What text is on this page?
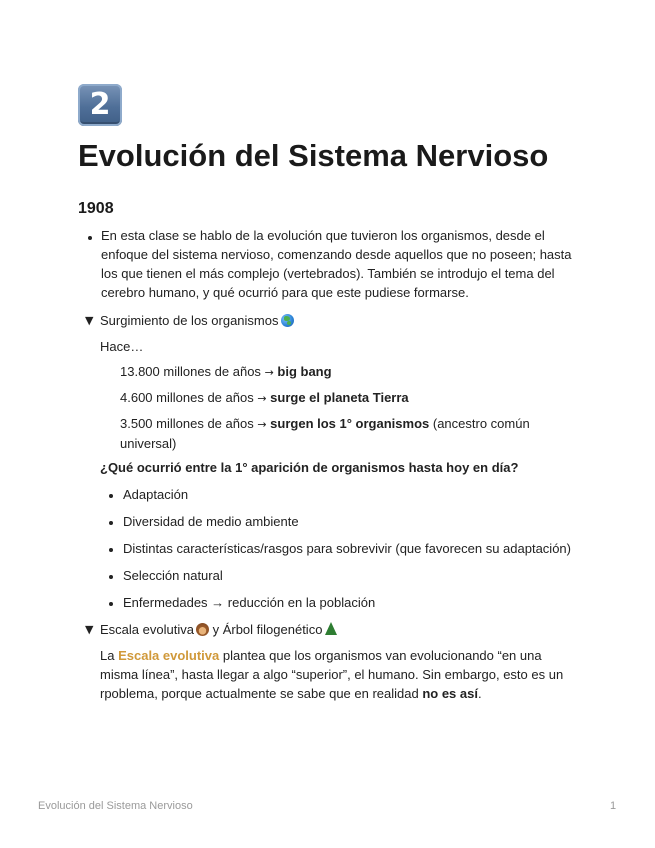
2
Evolución del Sistema Nervioso
1908
En esta clase se hablo de la evolución que tuvieron los organismos, desde el enfoque del sistema nervioso, comenzando desde aquellos que no poseen; hasta los que tienen el más complejo (vertebrados). También se introdujo el tema del cerebro humano, y qué ocurrió para que este pudiese formarse.
▼ Surgimiento de los organismos
Hace…
13.800 millones de años → big bang
4.600 millones de años → surge el planeta Tierra
3.500 millones de años → surgen los 1° organismos (ancestro común universal)
¿Qué ocurrió entre la 1° aparición de organismos hasta hoy en día?
Adaptación
Diversidad de medio ambiente
Distintas características/rasgos para sobrevivir (que favorecen su adaptación)
Selección natural
Enfermedades → reducción en la población
▼ Escala evolutiva y Árbol filogenético
La Escala evolutiva plantea que los organismos van evolucionando “en una misma línea”, hasta llegar a algo “superior”, el humano. Sin embargo, esto es un rpoblema, porque actualmente se sabe que en realidad no es así.
Evolución del Sistema Nervioso	1
